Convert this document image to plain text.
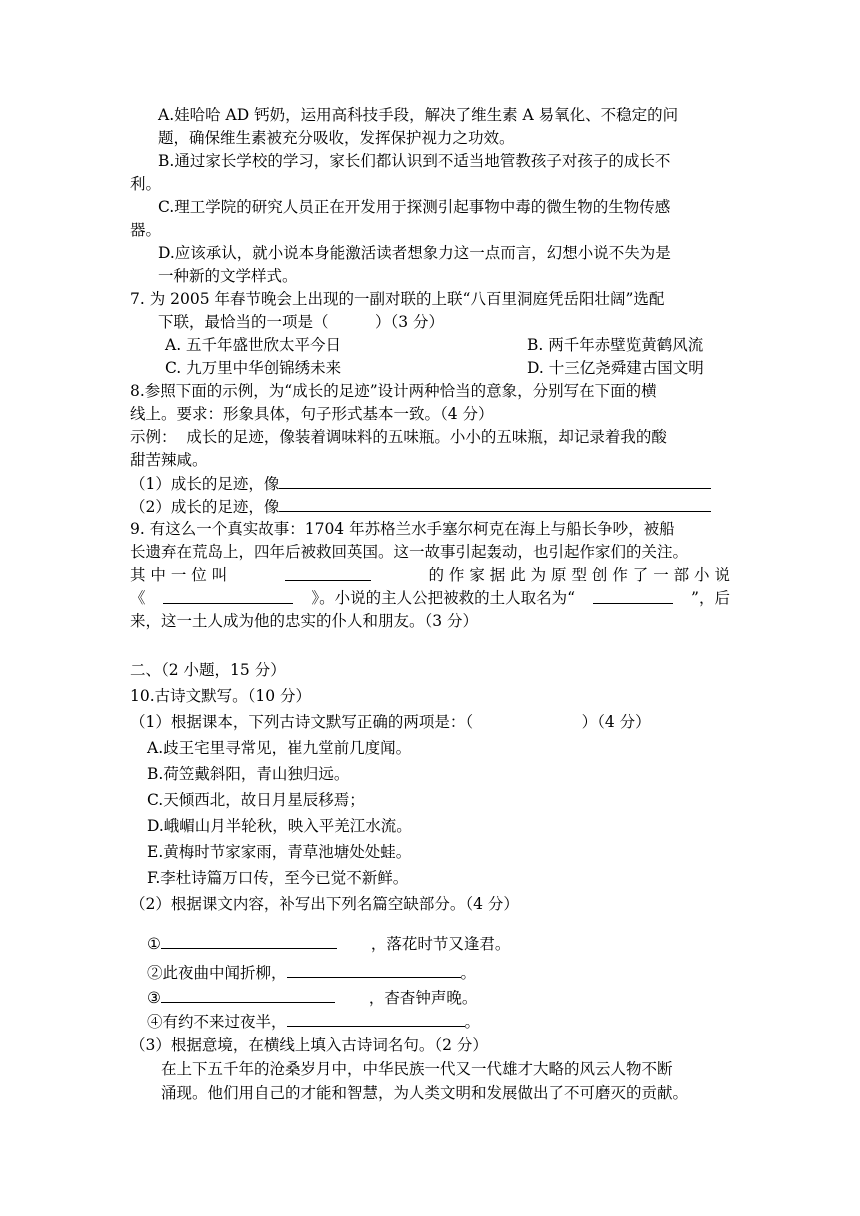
A.娃哈哈 AD 钙奶，运用高科技手段，解决了维生素 A 易氧化、不稳定的问
题，确保维生素被充分吸收，发挥保护视力之功效。
B.通过家长学校的学习，家长们都认识到不适当地管教孩子对孩子的成长不
利。
C.理工学院的研究人员正在开发用于探测引起事物中毒的微生物的生物传感
器。
D.应该承认，就小说本身能激活读者想象力这一点而言，幻想小说不失为是
一种新的文学样式。
7. 为 2005 年春节晚会上出现的一副对联的上联“八百里洞庭凭岳阳壮阔”选配
下联，最恰当的一项是（　　　）（3 分）
A. 五千年盛世欣太平今日	B. 两千年赤壁览黄鹤风流
C. 九万里中华创锦绣未来	D. 十三亿尧舜建古国文明
8.参照下面的示例，为“成长的足迹”设计两种恰当的意象，分别写在下面的横
线上。要求：形象具体，句子形式基本一致。（4 分）
示例：  成长的足迹，像装着调味料的五味瓶。小小的五味瓶，却记录着我的酸
甜苦辣咸。
（1）成长的足迹，像
（2）成长的足迹，像
9. 有这么一个真实故事：1704 年苏格兰水手塞尔柯克在海上与船长争吵，被船
长遗弃在荒岛上，四年后被救回英国。这一故事引起轰动，也引起作家们的关注。
其 中 一 位 叫	的 作 家 据 此 为 原 型 创 作 了 一 部 小 说
《	》。小说的主人公把被救的土人取名为“	”，后
来，这一土人成为他的忠实的仆人和朋友。（3 分）
二、（2 小题，15 分）
10.古诗文默写。（10 分）
（1）根据课本，下列古诗文默写正确的两项是：（　　　　　　　）（4 分）
A.歧王宅里寻常见，崔九堂前几度闻。
B.荷笠戴斜阳，青山独归远。
C.天倾西北，故日月星辰移焉；
D.峨嵋山月半轮秋，映入平羌江水流。
E.黄梅时节家家雨，青草池塘处处蛙。
F.李杜诗篇万口传，至今已觉不新鲜。
（2）根据课文内容，补写出下列名篇空缺部分。（4 分）
①	，落花时节又逢君。
②此夜曲中闻折柳，	。
③	，杳杳钟声晚。
④有约不来过夜半，	。
（3）根据意境，在横线上填入古诗词名句。（2 分）
在上下五千年的沧桑岁月中，中华民族一代又一代雄才大略的风云人物不断
涌现。他们用自己的才能和智慧，为人类文明和发展做出了不可磨灭的贡献。
